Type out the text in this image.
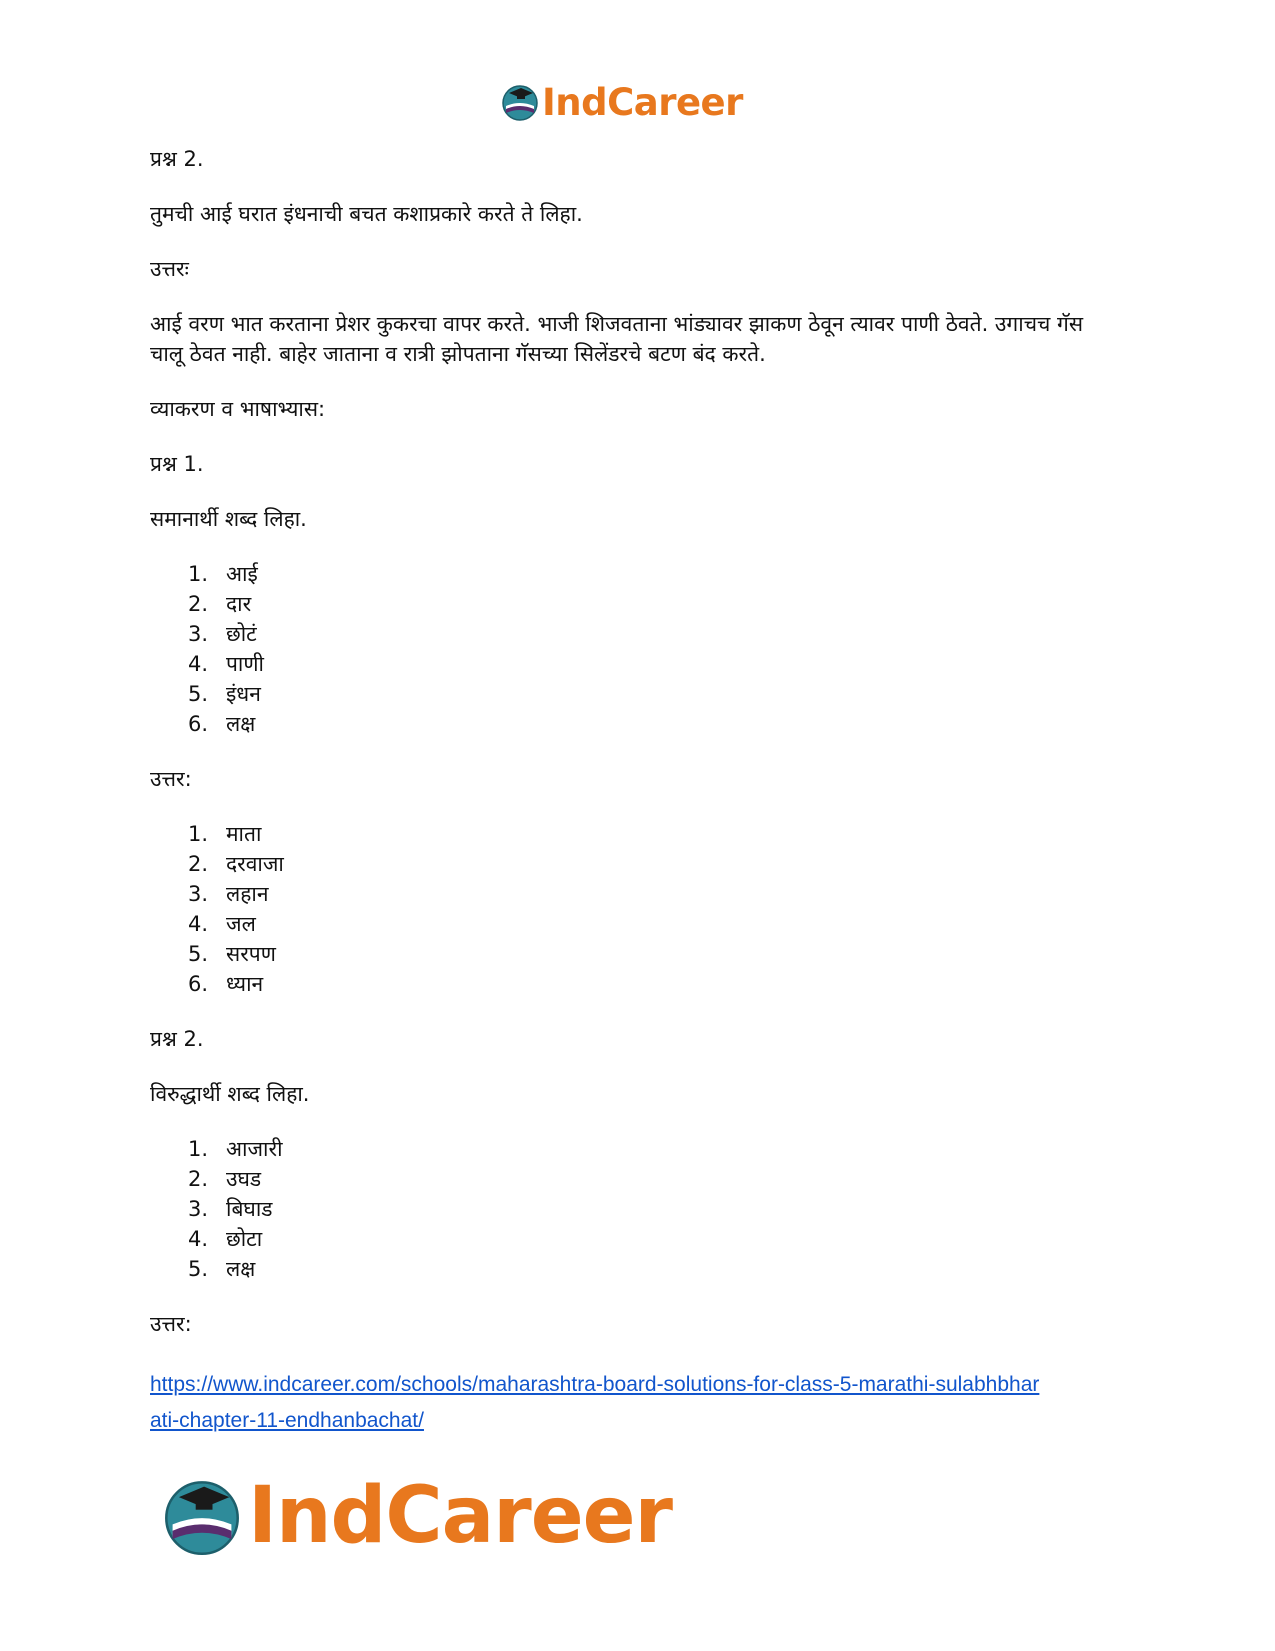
IndCareer

प्रश्न 2.

तुमची आई घरात इंधनाची बचत कशाप्रकारे करते ते लिहा.

उत्तरः

आई वरण भात करताना प्रेशर कुकरचा वापर करते. भाजी शिजवताना भांड्यावर झाकण ठेवून त्यावर पाणी ठेवते. उगाचच गॅस चालू ठेवत नाही. बाहेर जाताना व रात्री झोपताना गॅसच्या सिलेंडरचे बटण बंद करते.

व्याकरण व भाषाभ्यास:

प्रश्न 1.

समानार्थी शब्द लिहा.

1. आई
2. दार
3. छोटं
4. पाणी
5. इंधन
6. लक्ष

उत्तर:

1. माता
2. दरवाजा
3. लहान
4. जल
5. सरपण
6. ध्यान

प्रश्न 2.

विरुद्धार्थी शब्द लिहा.

1. आजारी
2. उघड
3. बिघाड
4. छोटा
5. लक्ष

उत्तर:

https://www.indcareer.com/schools/maharashtra-board-solutions-for-class-5-marathi-sulabhbhar
ati-chapter-11-endhanbachat/
IndCareer
